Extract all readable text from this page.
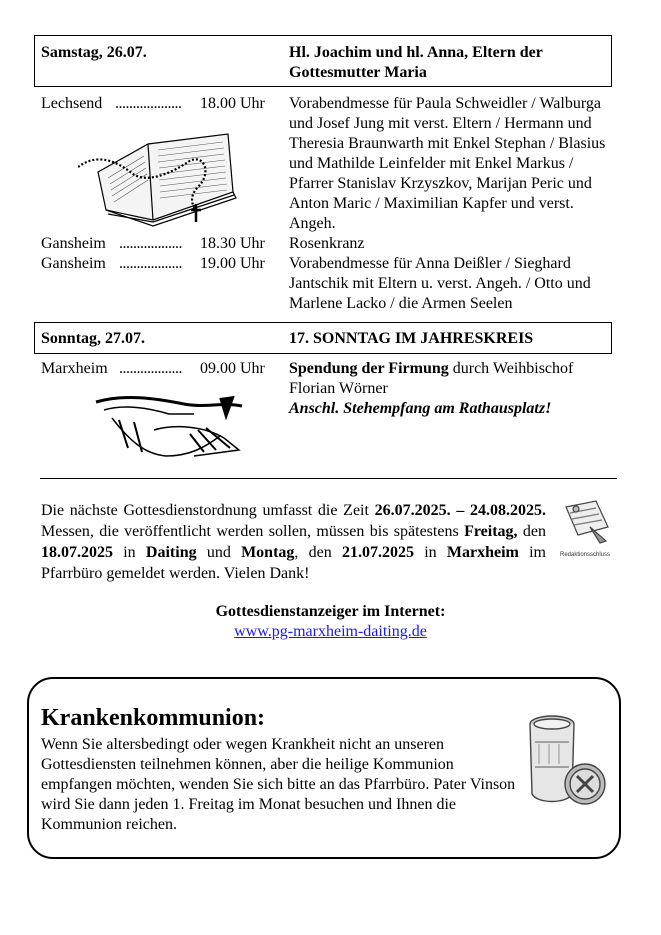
Samstag, 26.07.	Hl. Joachim und hl. Anna, Eltern der Gottesmutter Maria
Lechsend ................... 18.00 Uhr Vorabendmesse für Paula Schweidler / Walburga und Josef Jung mit verst. Eltern / Hermann und Theresia Braunwarth mit Enkel Stephan / Blasius und Mathilde Leinfelder mit Enkel Markus / Pfarrer Stanislav Krzyszkov, Marijan Peric und Anton Maric / Maximilian Kapfer und verst. Angeh.
Gansheim .................. 18.30 Uhr Rosenkranz
Gansheim .................. 19.00 Uhr Vorabendmesse für Anna Deißler / Sieghard Jantschik mit Eltern u. verst. Angeh. / Otto und Marlene Lacko / die Armen Seelen
Sonntag, 27.07.	17. SONNTAG IM JAHRESKREIS
Marxheim .................. 09.00 Uhr Spendung der Firmung durch Weihbischof Florian Wörner
Anschl. Stehempfang am Rathausplatz!
Die nächste Gottesdienstordnung umfasst die Zeit 26.07.2025. – 24.08.2025. Messen, die veröffentlicht werden sollen, müssen bis spätestens Freitag, den 18.07.2025 in Daiting und Montag, den 21.07.2025 in Marxheim im Pfarrbüro gemeldet werden. Vielen Dank!
Redaktionsschluss
Gottesdienstanzeiger im Internet:
www.pg-marxheim-daiting.de
Krankenkommunion:
Wenn Sie altersbedingt oder wegen Krankheit nicht an unseren Gottesdiensten teilnehmen können, aber die heilige Kommunion empfangen möchten, wenden Sie sich bitte an das Pfarrbüro. Pater Vinson wird Sie dann jeden 1. Freitag im Monat besuchen und Ihnen die Kommunion reichen.
